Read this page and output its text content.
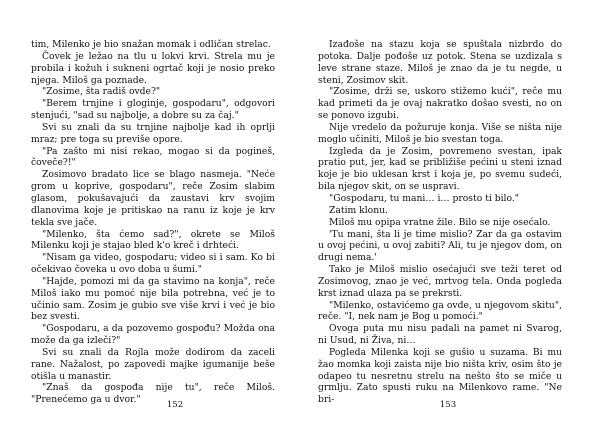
tim, Milenko je bio snažan momak i odličan strelac.

Čovek je ležao na tlu u lokvi krvi. Strela mu je probila i kožuh i sukneni ogrtač koji je nosio preko njega. Miloš ga poznade.

"Zosime, šta radiš ovde?"

"Berem trnjine i gloginje, gospodaru", odgovori stenjući, "sad su najbolje, a dobre su za čaj."

Svi su znali da su trnjine najbolje kad ih oprlji mraz; pre toga su previše opore.

"Pa zašto mi nisi rekao, mogao si da pogineš, čoveče?!"

Zosimovo bradato lice se blago nasmeja. "Neće grom u koprive, gospodaru", reče Zosim slabim glasom, pokušavajući da zaustavi krv svojim dlanovima koje je pritiskao na ranu iz koje je krv tekla sve jače.

"Milenko, šta ćemo sad?", okrete se Miloš Milenku koji je stajao bled k'o kreč i drhteći.

"Nisam ga video, gospodaru; video si i sam. Ko bi očekivao čoveka u ovo doba u šumi."

"Hajde, pomozi mi da ga stavimo na konja", reče Miloš iako mu pomoć nije bila potrebna, već je to učinio sam. Zosim je gubio sve više krvi i već je bio bez svesti.

"Gospodaru, a da pozovemo gospođu? Možda ona može da ga izleči?"

Svi su znali da Rojla može dodirom da zaceli rane. Nažalost, po zapovedi majke igumanije beše otišla u manastir.

"Znaš da gospođa nije tu", reče Miloš. "Prenećemo ga u dvor."	152

Izađoše na stazu koja se spuštala nizbrdo do potoka. Dalje pođoše uz potok. Stena se uzdizala s leve strane staze. Miloš je znao da je tu negde, u steni, Zosimov skit.

"Zosime, drži se, uskoro stižemo kući", reče mu kad primeti da je ovaj nakratko došao svesti, no on se ponovo izgubi.

Nije vredelo da požuruje konja. Više se ništa nije moglo učiniti, Miloš je bio svestan toga.

Izgleda da je Zosim, povremeno svestan, ipak pratio put, jer, kad se približiše pećini u steni iznad koje je bio uklesan krst i koja je, po svemu sudeći, bila njegov skit, on se uspravi.

"Gospodaru, tu mani… i… prosto ti bilo."

Zatim klonu.

Miloš mu opipa vratne žile. Bilo se nije osećalo.

'Tu mani, šta li je time mislio? Zar da ga ostavim u ovoj pećini, u ovoj zabiti? Ali, tu je njegov dom, on drugi nema.'

Tako je Miloš mislio osećajući sve teži teret od Zosimovog, znao je već, mrtvog tela. Onda pogleda krst iznad ulaza pa se prekrsti.

"Milenko, ostavićemo ga ovde, u njegovom skitu", reče. "I, nek nam je Bog u pomoći."

Ovoga puta mu nisu padali na pamet ni Svarog, ni Usud, ni Živa, ni…

Pogleda Milenka koji se gušio u suzama. Bi mu žao momka koji zaista nije bio ništa kriv, osim što je odapeo tu nesretnu strelu na nešto što se miče u grmlju. Zato spusti ruku na Milenkovo rame. "Ne bri-	153
